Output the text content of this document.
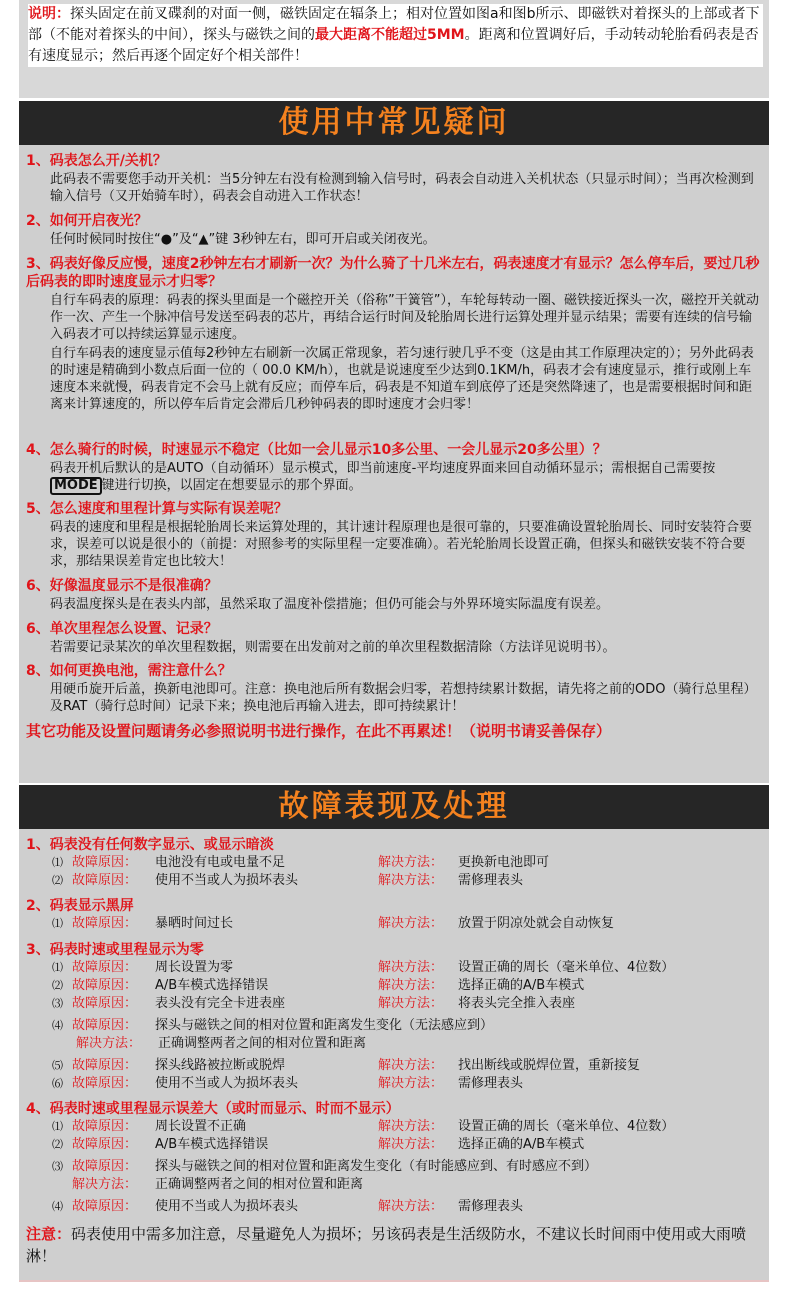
说明：探头固定在前叉碟刹的对面一侧，磁铁固定在辐条上；相对位置如图a和图b所示、即磁铁对着探头的上部或者下部（不能对着探头的中间），探头与磁铁之间的最大距离不能超过5MM。距离和位置调好后，手动转动轮胎看码表是否有速度显示；然后再逐个固定好个相关部件！
使用中常见疑问
1、码表怎么开/关机？
此码表不需要您手动开关机：当5分钟左右没有检测到输入信号时，码表会自动进入关机状态（只显示时间）；当再次检测到输入信号（又开始骑车时），码表会自动进入工作状态！
2、如何开启夜光？
任何时候同时按住“●”及“▲”键 3秒钟左右，即可开启或关闭夜光。
3、码表好像反应慢，速度2秒钟左右才刷新一次？为什么骑了十几米左右，码表速度才有显示？怎么停车后，要过几秒后码表的即时速度显示才归零？
自行车码表的原理：码表的探头里面是一个磁控开关（俗称”干簧管”），车轮每转动一圈、磁铁接近探头一次，磁控开关就动作一次、产生一个脉冲信号发送至码表的芯片，再结合运行时间及轮胎周长进行运算处理并显示结果；需要有连续的信号输入码表才可以持续运算显示速度。
自行车码表的速度显示值每2秒钟左右刷新一次属正常现象，若匀速行驶几乎不变（这是由其工作原理决定的）；另外此码表的时速是精确到小数点后面一位的（ 00.0 KM/h），也就是说速度至少达到0.1KM/h，码表才会有速度显示，推行或刚上车速度本来就慢，码表肯定不会马上就有反应；而停车后，码表是不知道车到底停了还是突然降速了，也是需要根据时间和距离来计算速度的，所以停车后肯定会滞后几秒钟码表的即时速度才会归零！
4、怎么骑行的时候，时速显示不稳定（比如一会儿显示10多公里、一会儿显示20多公里）？
码表开机后默认的是AUTO（自动循环）显示模式，即当前速度-平均速度界面来回自动循环显示；需根据自己需要按MODE 键进行切换，以固定在想要显示的那个界面。
5、怎么速度和里程计算与实际有误差呢？
码表的速度和里程是根据轮胎周长来运算处理的，其计速计程原理也是很可靠的，只要准确设置轮胎周长、同时安装符合要求，误差可以说是很小的（前提：对照参考的实际里程一定要准确）。若光轮胎周长设置正确，但探头和磁铁安装不符合要求，那结果误差肯定也比较大！
6、好像温度显示不是很准确？
码表温度探头是在表头内部，虽然采取了温度补偿措施；但仍可能会与外界环境实际温度有误差。
6、单次里程怎么设置、记录？
若需要记录某次的单次里程数据，则需要在出发前对之前的单次里程数据清除（方法详见说明书）。
8、如何更换电池，需注意什么？
用硬币旋开后盖，换新电池即可。注意：换电池后所有数据会归零，若想持续累计数据，请先将之前的ODO（骑行总里程）及RAT（骑行总时间）记录下来；换电池后再输入进去，即可持续累计！
其它功能及设置问题请务必参照说明书进行操作，在此不再累述！（说明书请妥善保存）
故障表现及处理
1、码表没有任何数字显示、或显示暗淡
⑴ 故障原因： 电池没有电或电量不足	解决方法： 更换新电池即可
⑵ 故障原因： 使用不当或人为损坏表头	解决方法： 需修理表头
2、码表显示黑屏
⑴ 故障原因： 暴晒时间过长	解决方法： 放置于阴凉处就会自动恢复
3、码表时速或里程显示为零
⑴ 故障原因： 周长设置为零	解决方法： 设置正确的周长（毫米单位、4位数）
⑵ 故障原因： A/B车模式选择错误	解决方法： 选择正确的A/B车模式
⑶ 故障原因： 表头没有完全卡进表座	解决方法： 将表头完全推入表座
⑷ 故障原因： 探头与磁铁之间的相对位置和距离发生变化（无法感应到）
解决方法： 正确调整两者之间的相对位置和距离
⑸ 故障原因： 探头线路被拉断或脱焊	解决方法： 找出断线或脱焊位置，重新接复
⑹ 故障原因： 使用不当或人为损坏表头	解决方法： 需修理表头
4、码表时速或里程显示误差大（或时而显示、时而不显示）
⑴ 故障原因： 周长设置不正确	解决方法： 设置正确的周长（毫米单位、4位数）
⑵ 故障原因： A/B车模式选择错误	解决方法： 选择正确的A/B车模式
⑶ 故障原因： 探头与磁铁之间的相对位置和距离发生变化（有时能感应到、有时感应不到）
解决方法： 正确调整两者之间的相对位置和距离
⑷ 故障原因： 使用不当或人为损坏表头	解决方法： 需修理表头
注意：码表使用中需多加注意，尽量避免人为损坏；另该码表是生活级防水，不建议长时间雨中使用或大雨喷淋！
